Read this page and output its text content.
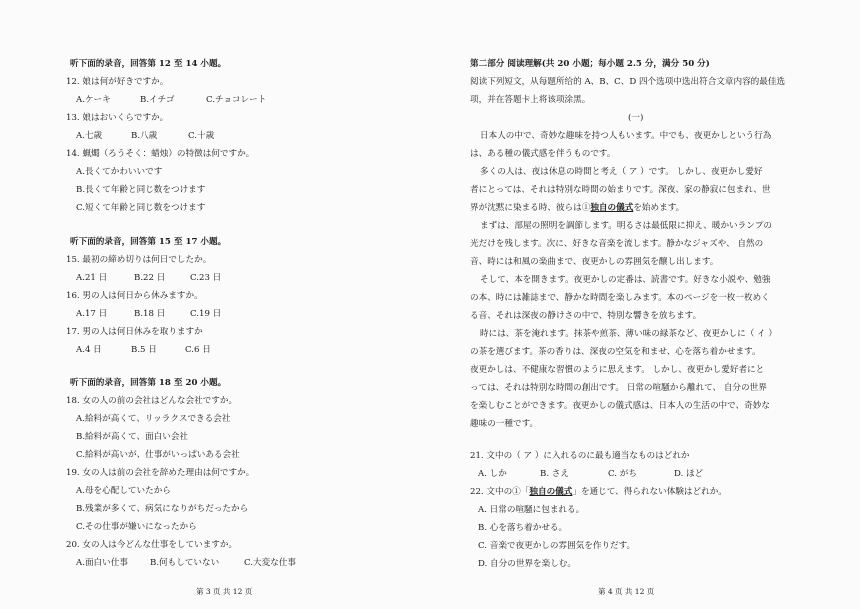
听下面的录音，回答第 12 至 14 小题。
12. 娘は何が好きですか。
A.ケーキ	B.イチゴ	C.チョコレート
13. 娘はおいくらですか。
A.七歳	B.八歳	C.十歳
14. 蝋燭（ろうそく：蜡烛）の特徴は何ですか。
A.長くてかわいいです
B.長くて年齢と同じ数をつけます
C.短くて年齢と同じ数をつけます
听下面的录音，回答第 15 至 17 小题。
15. 最初の締め切りは何日でしたか。
A.21 日	B.22 日	C.23 日
16. 男の人は何日から休みますか。
A.17 日	B.18 日	C.19 日
17. 男の人は何日休みを取りますか
A.4 日	B.5 日	C.6 日
听下面的录音，回答第 18 至 20 小题。
18. 女の人の前の会社はどんな会社ですか。
A.給料が高くて、リッラクスできる会社
B.給料が高くて、面白い会社
C.給料が高いが、仕事がいっぱいある会社
19. 女の人は前の会社を辞めた理由は何ですか。
A.母を心配していたから
B.残業が多くて、病気になりがちだったから
C.その仕事が嫌いになったから
20. 女の人は今どんな仕事をしていますか。
A.面白い仕事	B.何もしていない	C.大変な仕事
第 3 页 共 12 页
第二部分 阅读理解(共 20 小题；每小题 2.5 分，满分 50 分)
阅读下列短文，从每题所给的 A、B、C、D 四个选项中选出符合文章内容的最佳选
项，并在答题卡上将该项涂黑。
(一)
日本人の中で、奇妙な趣味を持つ人もいます。中でも、夜更かしという行為
は、ある種の儀式感を伴うものです。
多くの人は、夜は休息の時間と考え（ ア ）です。 しかし、夜更かし愛好
者にとっては、それは特別な時間の始まりです。深夜、家の静寂に包まれ、世
界が沈黙に染まる時、彼らは①独自の儀式を始めます。
まずは、部屋の照明を調節します。明るさは最低限に抑え、暖かいランプの
光だけを残します。次に、好きな音楽を流します。静かなジャズや、 自然の
音、時には和風の楽曲まで、夜更かしの雰囲気を醸し出します。
そして、本を開きます。夜更かしの定番は、読書です。好きな小説や、勉強
の本、時には雑誌まで、静かな時間を楽しみます。本のページを一枚一枚めく
る音、それは深夜の静けさの中で、特別な響きを放ちます。
時には、茶を淹れます。抹茶や煎茶、薄い味の緑茶など、夜更かしに（ イ ）
の茶を選びます。茶の香りは、深夜の空気を和ませ、心を落ち着かせます。
夜更かしは、不健康な習慣のように思えます。 しかし、夜更かし愛好者にと
っては、それは特別な時間の創出です。 日常の喧騒から離れて、 自分の世界
を楽しむことができます。夜更かしの儀式感は、日本人の生活の中で、奇妙な
趣味の一種です。
21. 文中の（ ア ）に入れるのに最も適当なものはどれか
A. しか	B. さえ	C. がち	D. ほど
22. 文中の①「独自の儀式」を通じて、得られない体験はどれか。
A. 日常の喧騒に包まれる。
B. 心を落ち着かせる。
C. 音楽で夜更かしの雰囲気を作りだす。
D. 自分の世界を楽しむ。
第 4 页 共 12 页
